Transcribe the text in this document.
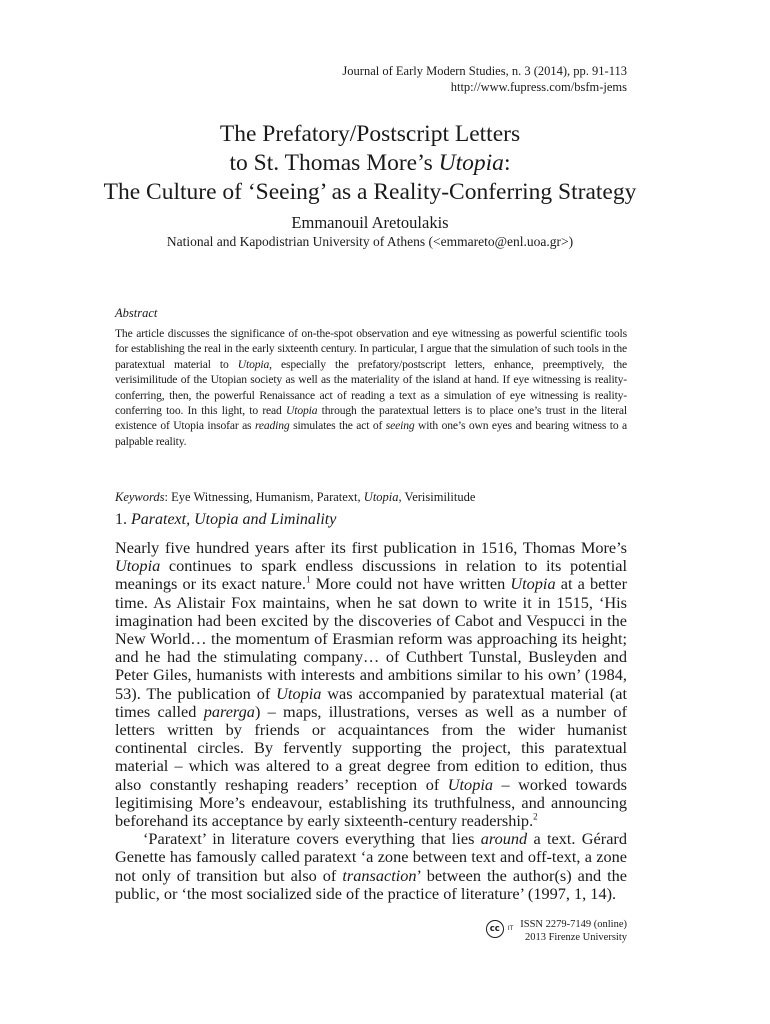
Journal of Early Modern Studies, n. 3 (2014), pp. 91-113
http://www.fupress.com/bsfm-jems
The Prefatory/Postscript Letters
to St. Thomas More’s Utopia:
The Culture of ‘Seeing’ as a Reality-Conferring Strategy
Emmanouil Aretoulakis
National and Kapodistrian University of Athens (<emmareto@enl.uoa.gr>)
Abstract
The article discusses the significance of on-the-spot observation and eye witnessing as powerful scientific tools for establishing the real in the early sixteenth century. In particular, I argue that the simulation of such tools in the paratextual material to Utopia, especially the prefatory/postscript letters, enhance, preemptively, the verisimilitude of the Utopian society as well as the materiality of the island at hand. If eye witnessing is reality-conferring, then, the powerful Renaissance act of reading a text as a simulation of eye witnessing is reality-conferring too. In this light, to read Utopia through the paratextual letters is to place one’s trust in the literal existence of Utopia insofar as reading simulates the act of seeing with one’s own eyes and bearing witness to a palpable reality.
Keywords: Eye Witnessing, Humanism, Paratext, Utopia, Verisimilitude
1. Paratext, Utopia and Liminality

Nearly five hundred years after its first publication in 1516, Thomas More’s Utopia continues to spark endless discussions in relation to its potential meanings or its exact nature.$^1$ More could not have written Utopia at a better time. As Alistair Fox maintains, when he sat down to write it in 1515, ‘His imagination had been excited by the discoveries of Cabot and Vespucci in the New World… the momentum of Erasmian reform was approaching its height; and he had the stimulating company… of Cuthbert Tunstal, Busleyden and Peter Giles, humanists with interests and ambitions similar to his own’ (1984, 53). The publication of Utopia was accompanied by paratextual material (at times called parerga) – maps, illustrations, verses as well as a number of letters written by friends or acquaintances from the wider humanist continental circles. By fervently supporting the project, this paratextual material – which was altered to a great degree from edition to edition, thus also constantly reshaping readers’ reception of Utopia – worked towards legitimising More’s endeavour, establishing its truthfulness, and announcing beforehand its acceptance by early sixteenth-century readership.$^2$

‘Paratext’ in literature covers everything that lies around a text. Gérard Genette has famously called paratext ‘a zone between text and off-text, a zone not only of transition but also of transaction’ between the author(s) and the public, or ‘the most socialized side of the practice of literature’ (1997, 1, 14).

cc	IT ISSN 2279-7149 (online)
2013 Firenze University
